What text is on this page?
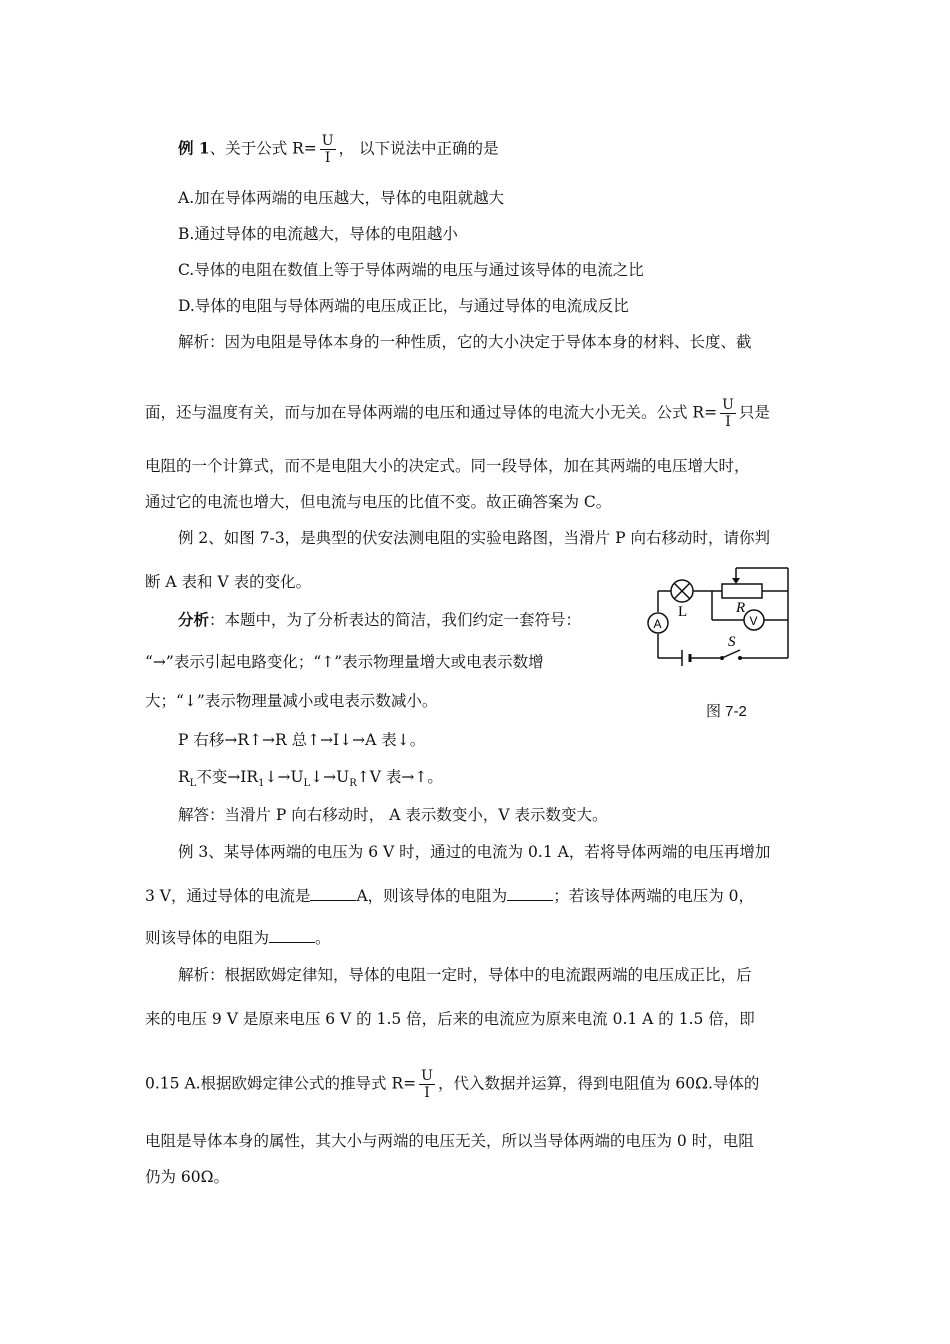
例 1、关于公式 $R= \frac{U}{I}$ ， 以下说法中正确的是
A.加在导体两端的电压越大，导体的电阻就越大
B.通过导体的电流越大，导体的电阻越小
C.导体的电阻在数值上等于导体两端的电压与通过该导体的电流之比
D.导体的电阻与导体两端的电压成正比，与通过导体的电流成反比
解析：因为电阻是导体本身的一种性质，它的大小决定于导体本身的材料、长度、截
面，还与温度有关，而与加在导体两端的电压和通过导体的电流大小无关。公式 $R= \frac{U}{I}$ 只是
电阻的一个计算式，而不是电阻大小的决定式。同一段导体，加在其两端的电压增大时，
通过它的电流也增大，但电流与电压的比值不变。故正确答案为 C。
例 2、如图 7-3，是典型的伏安法测电阻的实验电路图，当滑片 P 向右移动时，请你判
断 A 表和 V 表的变化。
分析：本题中，为了分析表达的简洁，我们约定一套符号：
“→”表示引起电路变化；“↑”表示物理量增大或电表示数增
大；“↓”表示物理量减小或电表示数减小。
P 右移→R↑→R 总↑→I↓→A 表↓。
$R_L$不变$\to IR_1↓\to U_L↓\to U_R↑V$ 表→↑。
解答：当滑片 P 向右移动时， A 表示数变小，V 表示数变大。
L	R
A	V
S
图 7-2
例 3、某导体两端的电压为 6 V 时，通过的电流为 0.1 A，若将导体两端的电压再增加
3 V，通过导体的电流是	A，则该导体的电阻为	；若该导体两端的电压为 0，
则该导体的电阻为	。
解析：根据欧姆定律知，导体的电阻一定时，导体中的电流跟两端的电压成正比，后
来的电压 9 V 是原来电压 6 V 的 1.5 倍，后来的电流应为原来电流 0.1 A 的 1.5 倍，即
0.15 A.根据欧姆定律公式的推导式 $R= \frac{U}{I}$ ，代入数据并运算，得到电阻值为 60Ω.导体的
电阻是导体本身的属性，其大小与两端的电压无关，所以当导体两端的电压为 0 时，电阻
仍为 60Ω。
